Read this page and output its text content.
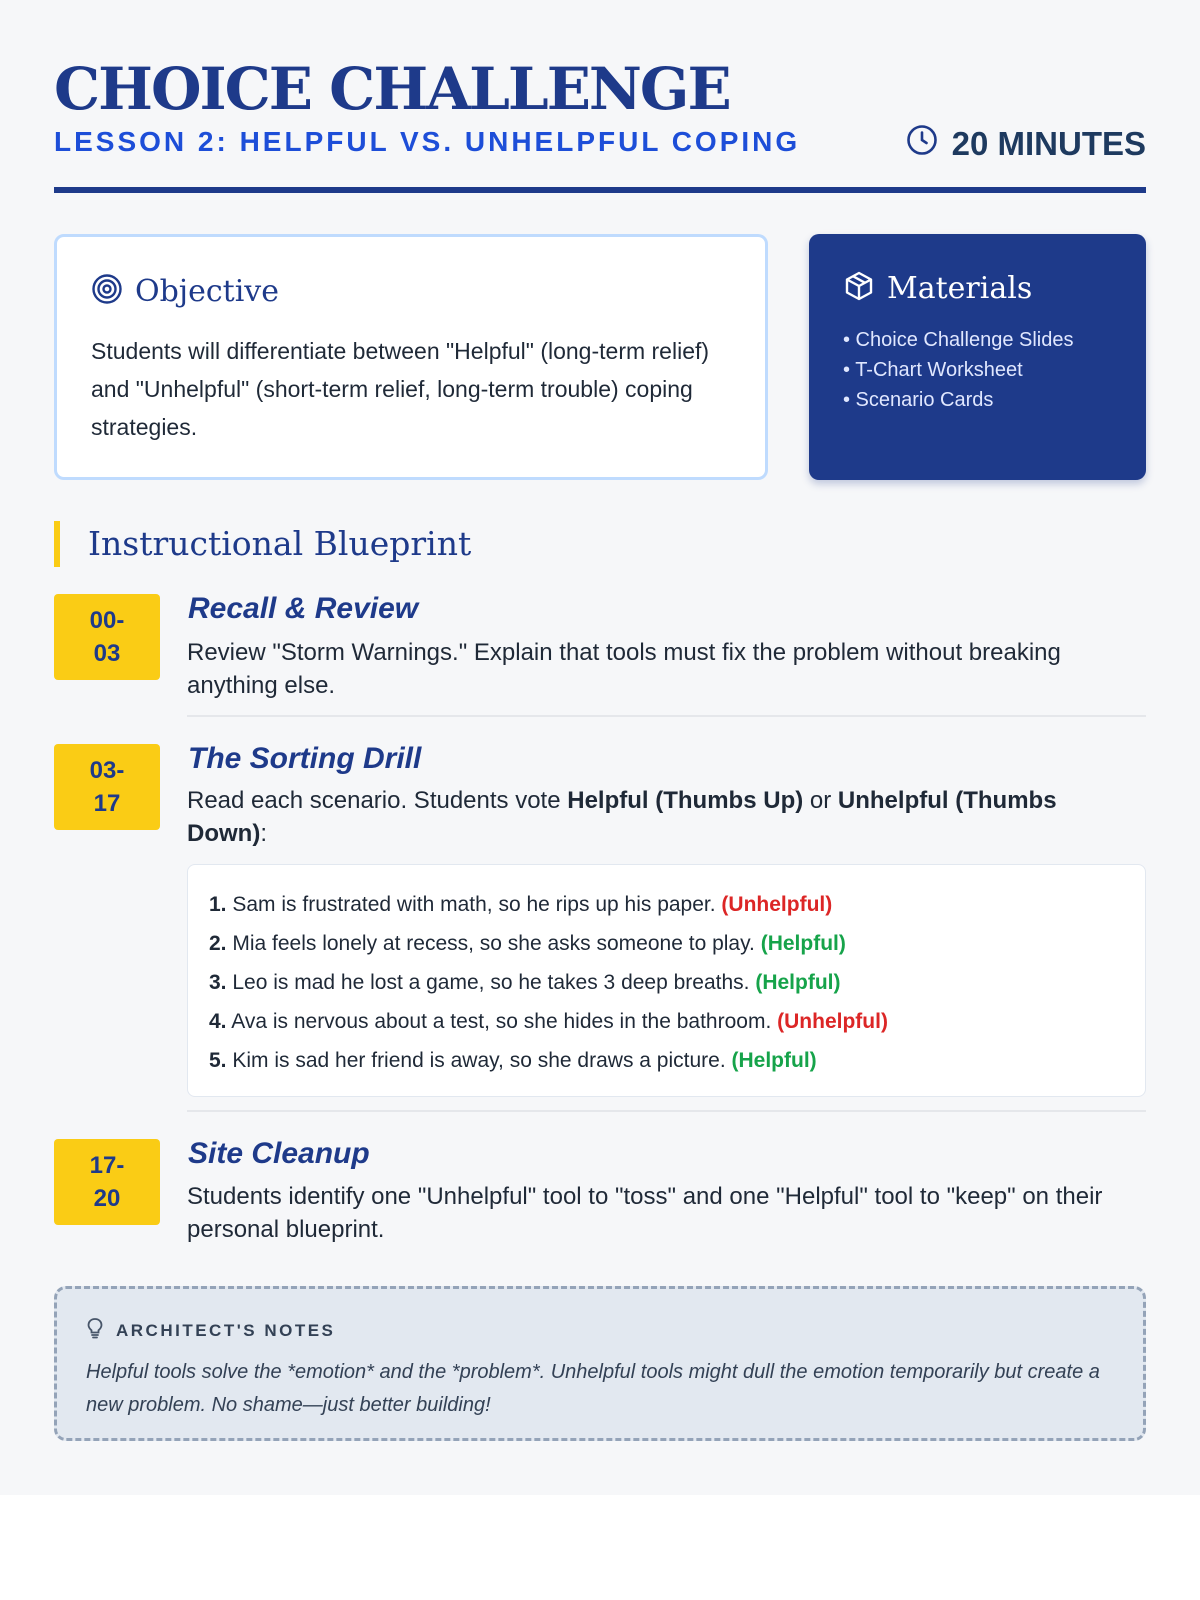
CHOICE CHALLENGE
LESSON 2: HELPFUL VS. UNHELPFUL COPING	20 MINUTES
Objective

Students will differentiate between "Helpful" (long-term relief) and "Unhelpful" (short-term relief, long-term trouble) coping strategies.

Materials
• Choice Challenge Slides
• T-Chart Worksheet
• Scenario Cards
Instructional Blueprint
00-
03
Recall & Review
Review "Storm Warnings." Explain that tools must fix the problem without breaking anything else.
03-
17
The Sorting Drill
Read each scenario. Students vote Helpful (Thumbs Up) or Unhelpful (Thumbs Down):
1. Sam is frustrated with math, so he rips up his paper. (Unhelpful)
2. Mia feels lonely at recess, so she asks someone to play. (Helpful)
3. Leo is mad he lost a game, so he takes 3 deep breaths. (Helpful)
4. Ava is nervous about a test, so she hides in the bathroom. (Unhelpful)
5. Kim is sad her friend is away, so she draws a picture. (Helpful)
17-
20
Site Cleanup
Students identify one "Unhelpful" tool to "toss" and one "Helpful" tool to "keep" on their personal blueprint.
ARCHITECT'S NOTES

Helpful tools solve the *emotion* and the *problem*. Unhelpful tools might dull the emotion temporarily but create a new problem. No shame—just better building!
